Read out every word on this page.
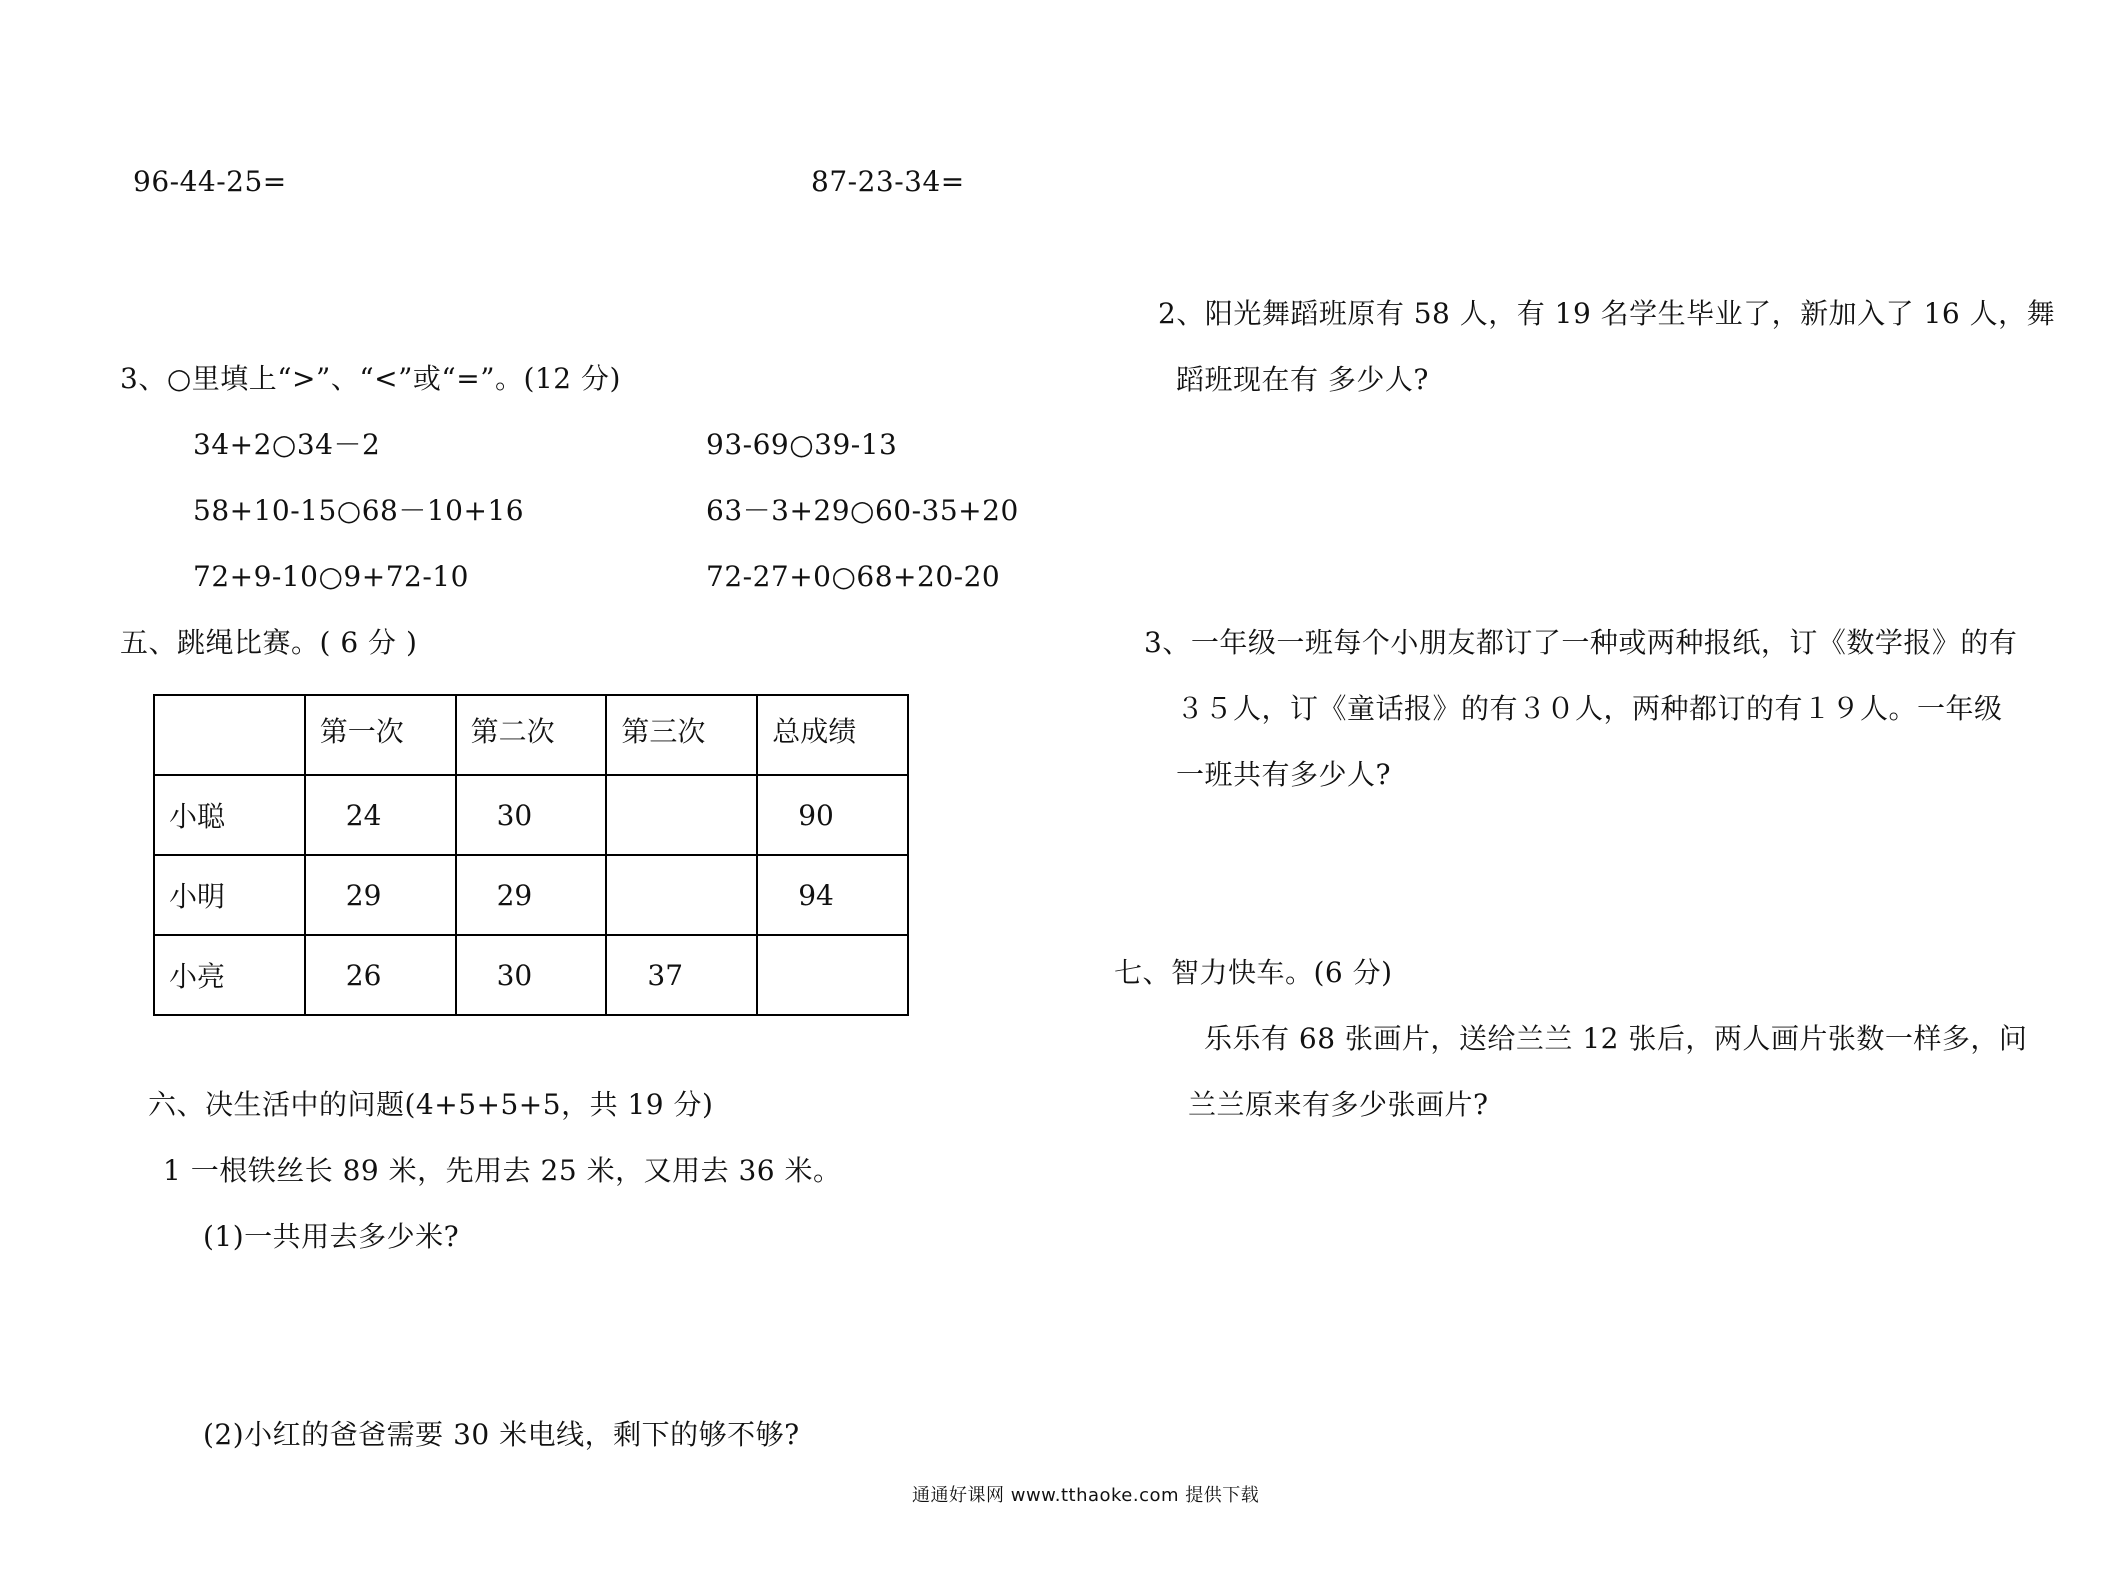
96-44-25=	87-23-34=
3、○里填上“>”、“<”或“=”。(12 分)
34+2○34－2	93-69○39-13
58+10-15○68－10+16	63－3+29○60-35+20
72+9-10○9+72-10	72-27+0○68+20-20
五、跳绳比赛。( 6 分 )
	第一次	第二次	第三次	总成绩
小聪	24	30		90
小明	29	29		94
小亮	26	30	37	
六、决生活中的问题(4+5+5+5，共 19 分)
1 一根铁丝长 89 米，先用去 25 米，又用去 36 米。
(1)一共用去多少米?
(2)小红的爸爸需要 30 米电线，剩下的够不够?
2、阳光舞蹈班原有 58 人，有 19 名学生毕业了，新加入了 16 人，舞
蹈班现在有 多少人?
3、一年级一班每个小朋友都订了一种或两种报纸，订《数学报》的有
３５人，订《童话报》的有３０人，两种都订的有１９人。一年级
一班共有多少人?
七、智力快车。(6 分)
乐乐有 68 张画片，送给兰兰 12 张后，两人画片张数一样多，问
兰兰原来有多少张画片?
通通好课网 www.tthaoke.com 提供下载
